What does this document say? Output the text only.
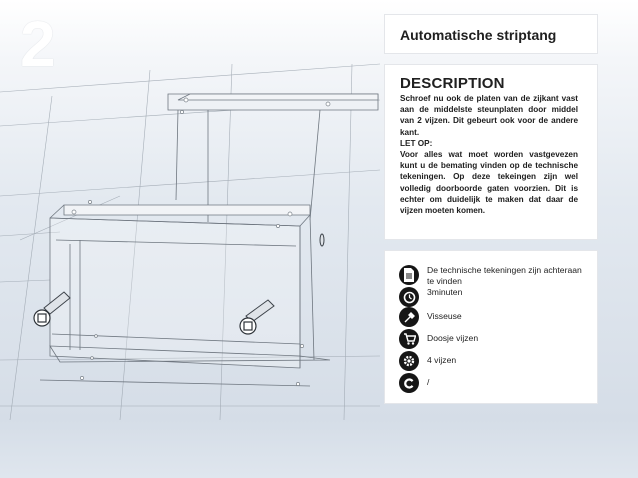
2	Automatische striptang
DESCRIPTION

Schroef nu ook de platen van de zijkant vast aan de middelste steunplaten door middel van 2 vijzen. Dit gebeurt ook voor de andere kant.

LET OP:

Voor alles wat moet worden vastgevezen kunt u de bemating vinden op de technische tekeningen. Op deze tekeingen zijn wel volledig doorboorde gaten voorzien. Dit is echter om duidelijk te maken dat daar de vijzen moeten komen.

De technische tekeningen zijn achteraan te vinden
3minuten
Visseuse
Doosje vijzen
4 vijzen
/
